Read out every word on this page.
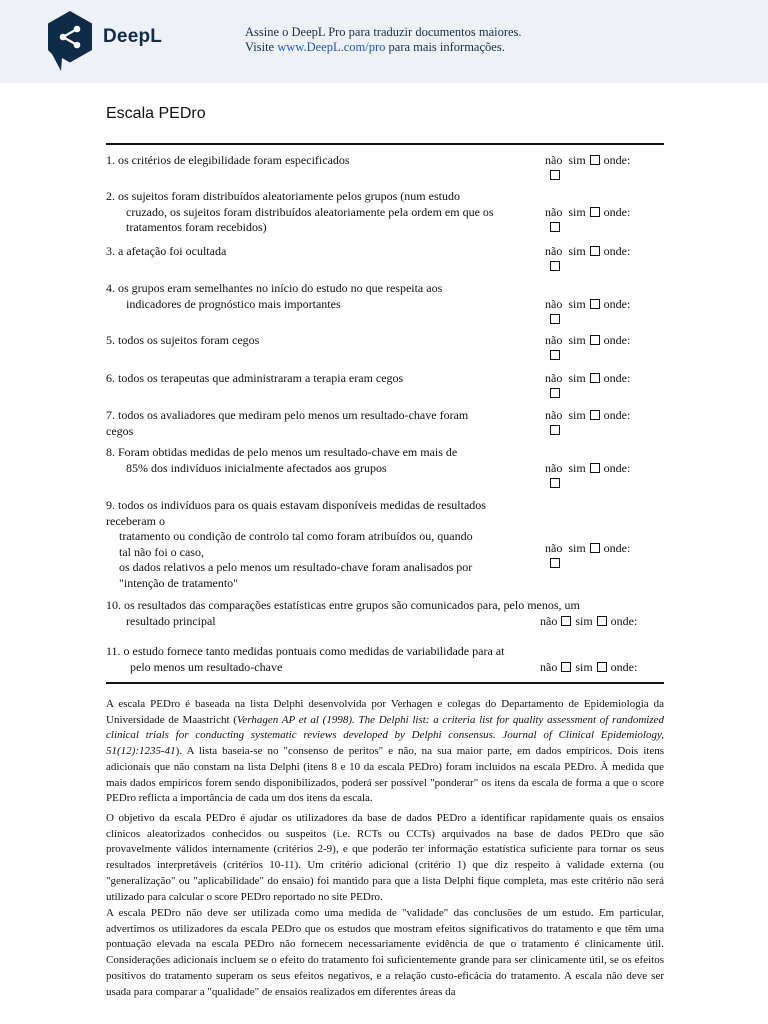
DeepL	Assine o DeepL Pro para traduzir documentos maiores.
Visite www.DeepL.com/pro para mais informações.
Escala PEDro
1. os critérios de elegibilidade foram especificados	não sim onde:
2. os sujeitos foram distribuídos aleatoriamente pelos grupos (num estudo
cruzado, os sujeitos foram distribuídos aleatoriamente pela ordem em que os
tratamentos foram recebidos)
não sim onde:
3. a afetação foi ocultada	não sim onde:
4. os grupos eram semelhantes no início do estudo no que respeita aos
indicadores de prognóstico mais importantes	não sim onde:
5. todos os sujeitos foram cegos	não sim onde:
6. todos os terapeutas que administraram a terapia eram cegos	não sim onde:
7. todos os avaliadores que mediram pelo menos um resultado-chave foram
cegos
não sim onde:
8. Foram obtidas medidas de pelo menos um resultado-chave em mais de
85% dos indivíduos inicialmente afectados aos grupos	não sim onde:
9. todos os indivíduos para os quais estavam disponíveis medidas de resultados
receberam o
tratamento ou condição de controlo tal como foram atribuídos ou, quando
tal não foi o caso,
os dados relativos a pelo menos um resultado-chave foram analisados por
"intenção de tratamento"
não sim onde:
10. os resultados das comparações estatísticas entre grupos são comunicados para, pelo menos, um
resultado principal	não sim onde:
11. o estudo fornece tanto medidas pontuais como medidas de variabilidade para at
pelo menos um resultado-chave	não sim onde:
A escala PEDro é baseada na lista Delphi desenvolvida por Verhagen e colegas do Departamento de Epidemiologia da Universidade de Maastricht (Verhagen AP et al (1998). The Delphi list: a criteria list for quality assessment of randomized clinical trials for conducting systematic reviews developed by Delphi consensus. Journal of Clinical Epidemiology, 51(12):1235-41). A lista baseia-se no "consenso de peritos" e não, na sua maior parte, em dados empíricos. Dois itens adicionais que não constam na lista Delphi (itens 8 e 10 da escala PEDro) foram incluídos na escala PEDro. À medida que mais dados empíricos forem sendo disponibilizados, poderá ser possível "ponderar" os itens da escala de forma a que o score PEDro reflicta a importância de cada um dos itens da escala.
O objetivo da escala PEDro é ajudar os utilizadores da base de dados PEDro a identificar rapidamente quais os ensaios clínicos aleatorizados conhecidos ou suspeitos (i.e. RCTs ou CCTs) arquivados na base de dados PEDro que são provavelmente válidos internamente (critérios 2-9), e que poderão ter informação estatística suficiente para tornar os seus resultados interpretáveis (critérios 10-11). Um critério adicional (critério 1) que diz respeito à validade externa (ou "generalização" ou "aplicabilidade" do ensaio) foi mantido para que a lista Delphi fique completa, mas este critério não será utilizado para calcular o score PEDro reportado no site PEDro.
A escala PEDro não deve ser utilizada como uma medida de "validade" das conclusões de um estudo. Em particular, advertimos os utilizadores da escala PEDro que os estudos que mostram efeitos significativos do tratamento e que têm uma pontuação elevada na escala PEDro não fornecem necessariamente evidência de que o tratamento é clinicamente útil. Considerações adicionais incluem se o efeito do tratamento foi suficientemente grande para ser clinicamente útil, se os efeitos positivos do tratamento superam os seus efeitos negativos, e a relação custo-eficácia do tratamento. A escala não deve ser usada para comparar a "qualidade" de ensaios realizados em diferentes áreas da
